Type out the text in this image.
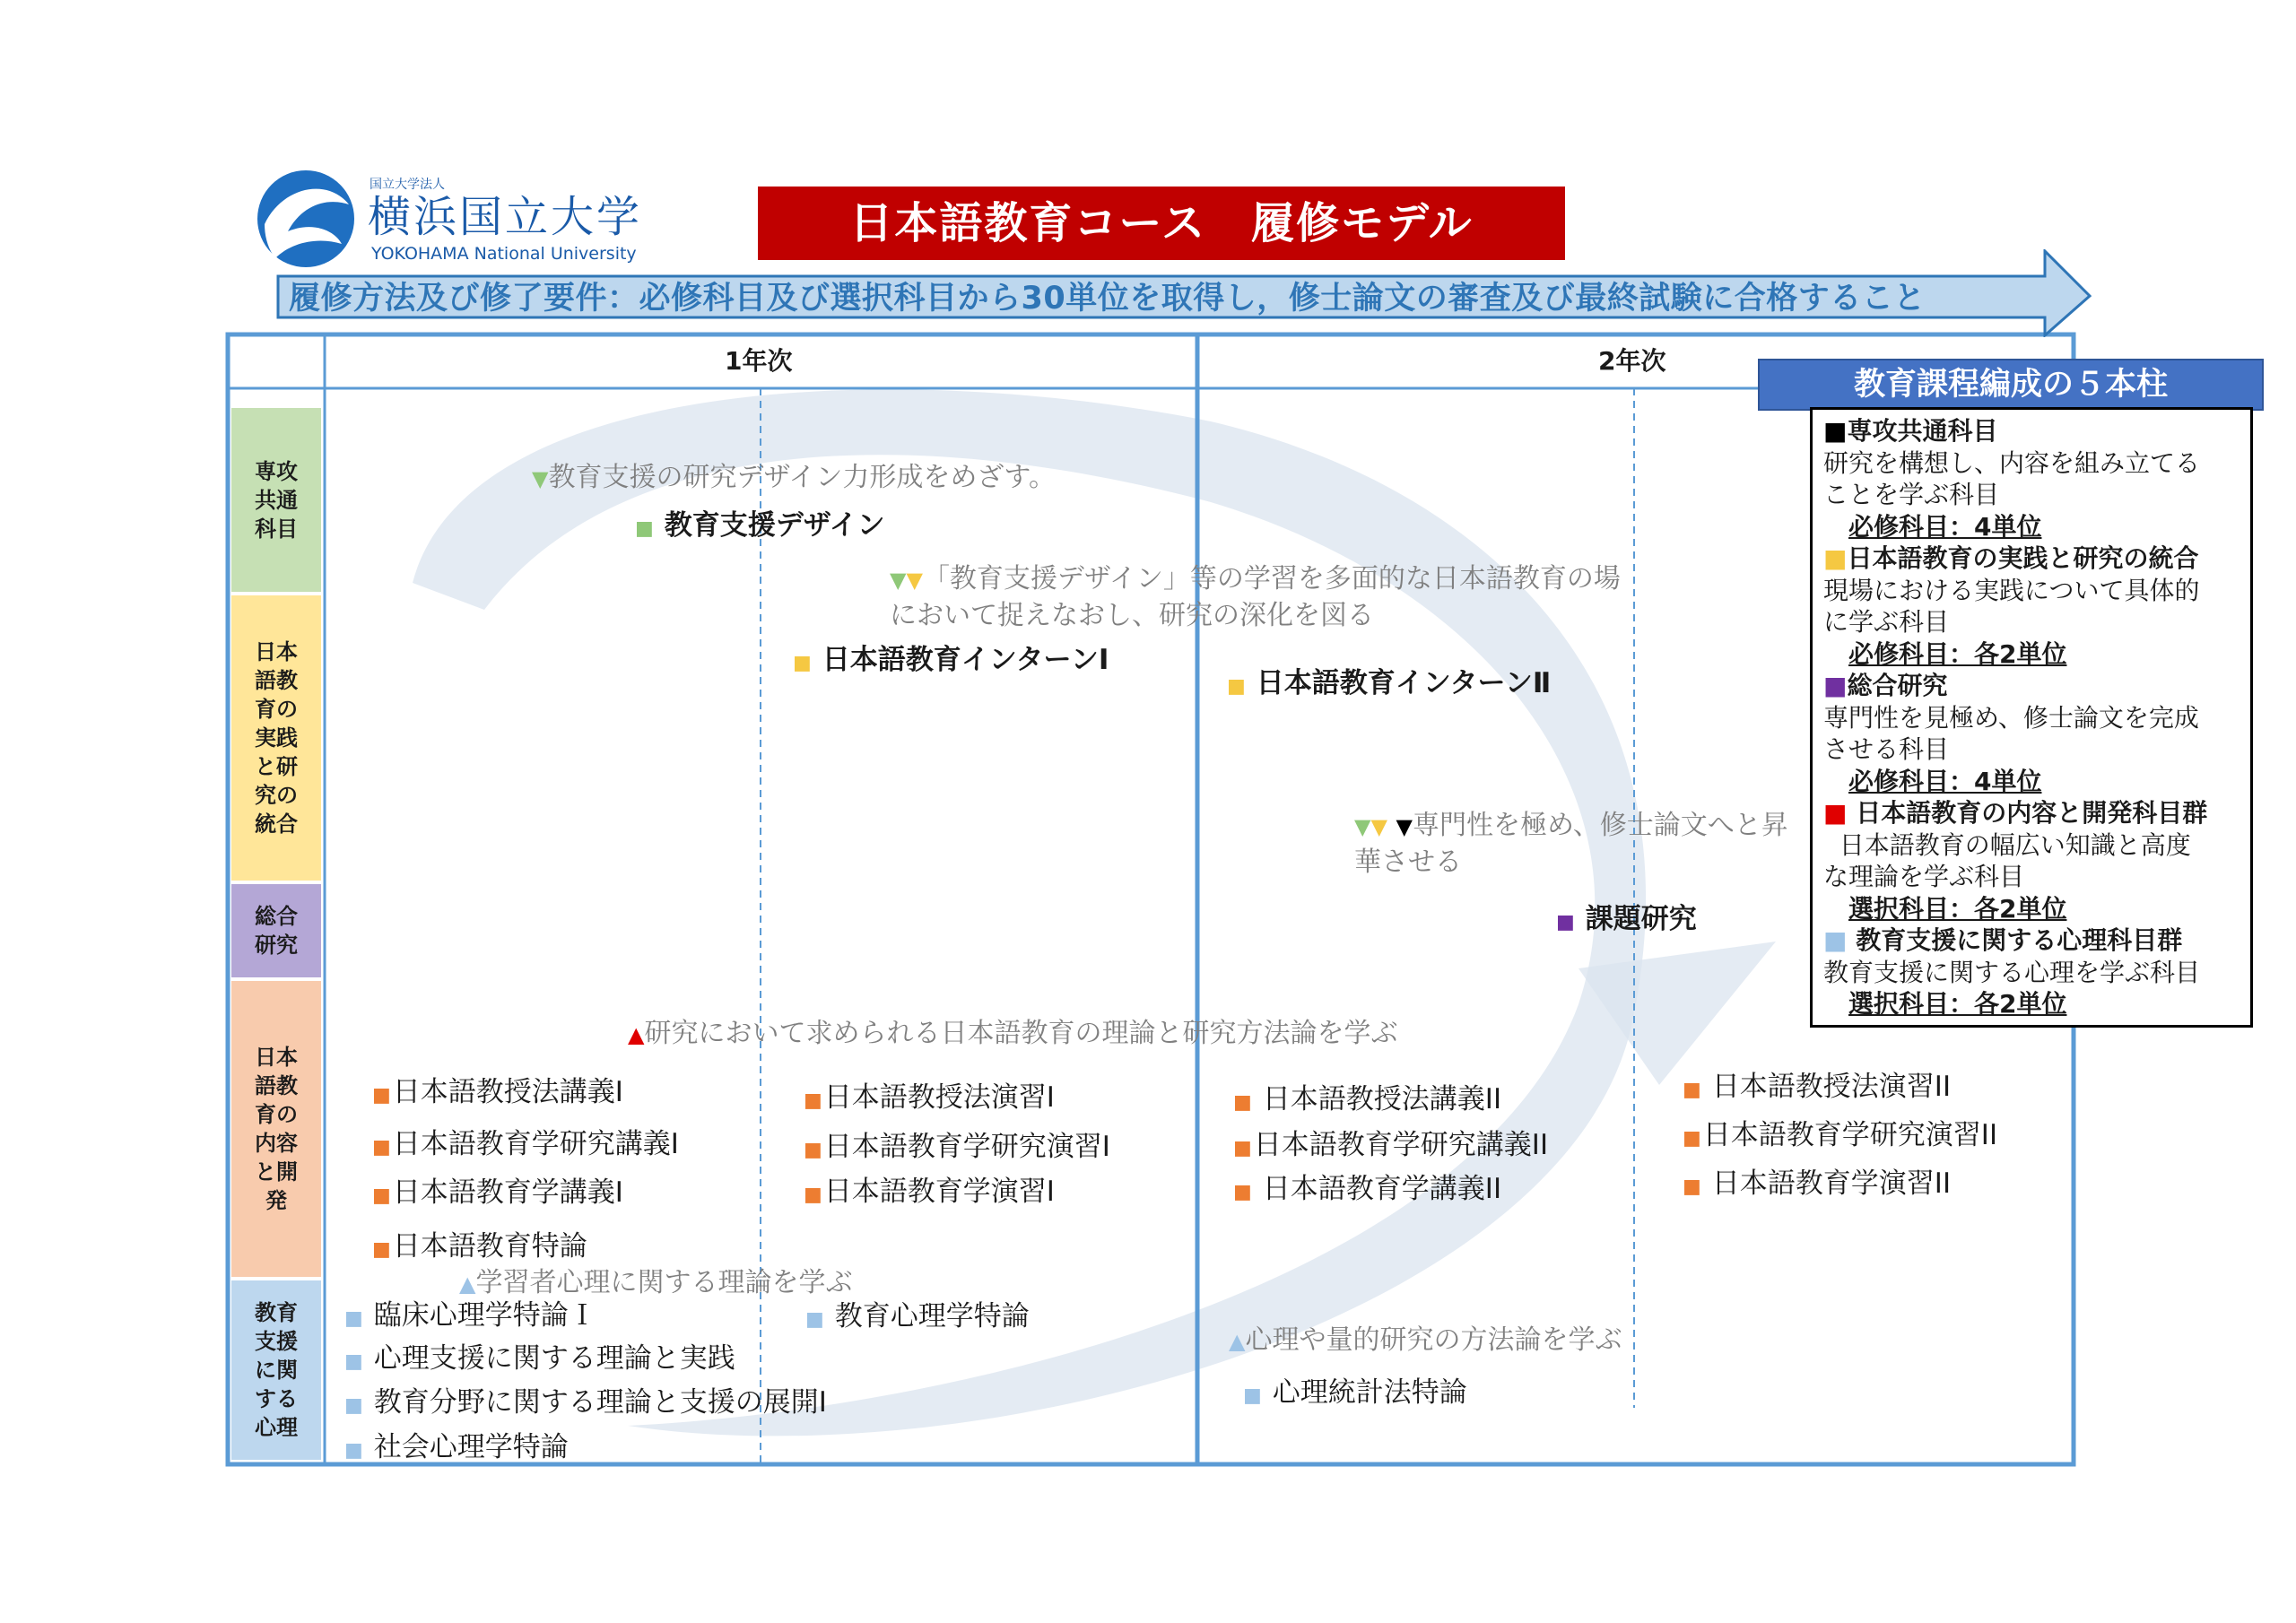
国立大学法人
横浜国立大学
YOKOHAMA National University
日本語教育コース　履修モデル
履修方法及び修了要件：必修科目及び選択科目から30単位を取得し，修士論文の審査及び最終試験に合格すること
1年次	2年次
専攻共通科目
日本語教育の実践と研究の統合
総合研究
日本語教育の内容と開発
教育支援に関する心理
▼教育支援の研究デザイン力形成をめざす。
▼▼「教育支援デザイン」等の学習を多面的な日本語教育の場において捉えなおし、研究の深化を図る
▼▼ ▼専門性を極め、修士論文へと昇華させる
▲研究において求められる日本語教育の理論と研究方法論を学ぶ
▲学習者心理に関する理論を学ぶ
▲心理や量的研究の方法論を学ぶ
■ 教育支援デザイン
■ 日本語教育インターンⅠ
■ 日本語教育インターンⅡ
■ 課題研究
■日本語教授法講義I
■日本語教育学研究講義I
■日本語教育学講義I
■日本語教育特論
■日本語教授法演習I
■日本語教育学研究演習I
■日本語教育学演習I
■ 日本語教授法講義II
■日本語教育学研究講義II
■ 日本語教育学講義II
■ 日本語教授法演習II
■日本語教育学研究演習II
■ 日本語教育学演習II
■ 臨床心理学特論Ｉ
■ 心理支援に関する理論と実践
■ 教育分野に関する理論と支援の展開I
■ 社会心理学特論
■ 教育心理学特論
■ 心理統計法特論
教育課程編成の５本柱
■専攻共通科目
研究を構想し、内容を組み立てる
ことを学ぶ科目
必修科目：4単位
■日本語教育の実践と研究の統合
現場における実践について具体的
に学ぶ科目
必修科目：各2単位
■総合研究
専門性を見極め、修士論文を完成
させる科目
必修科目：4単位
■ 日本語教育の内容と開発科目群
日本語教育の幅広い知識と高度
な理論を学ぶ科目
選択科目：各2単位
■ 教育支援に関する心理科目群
教育支援に関する心理を学ぶ科目
選択科目：各2単位
